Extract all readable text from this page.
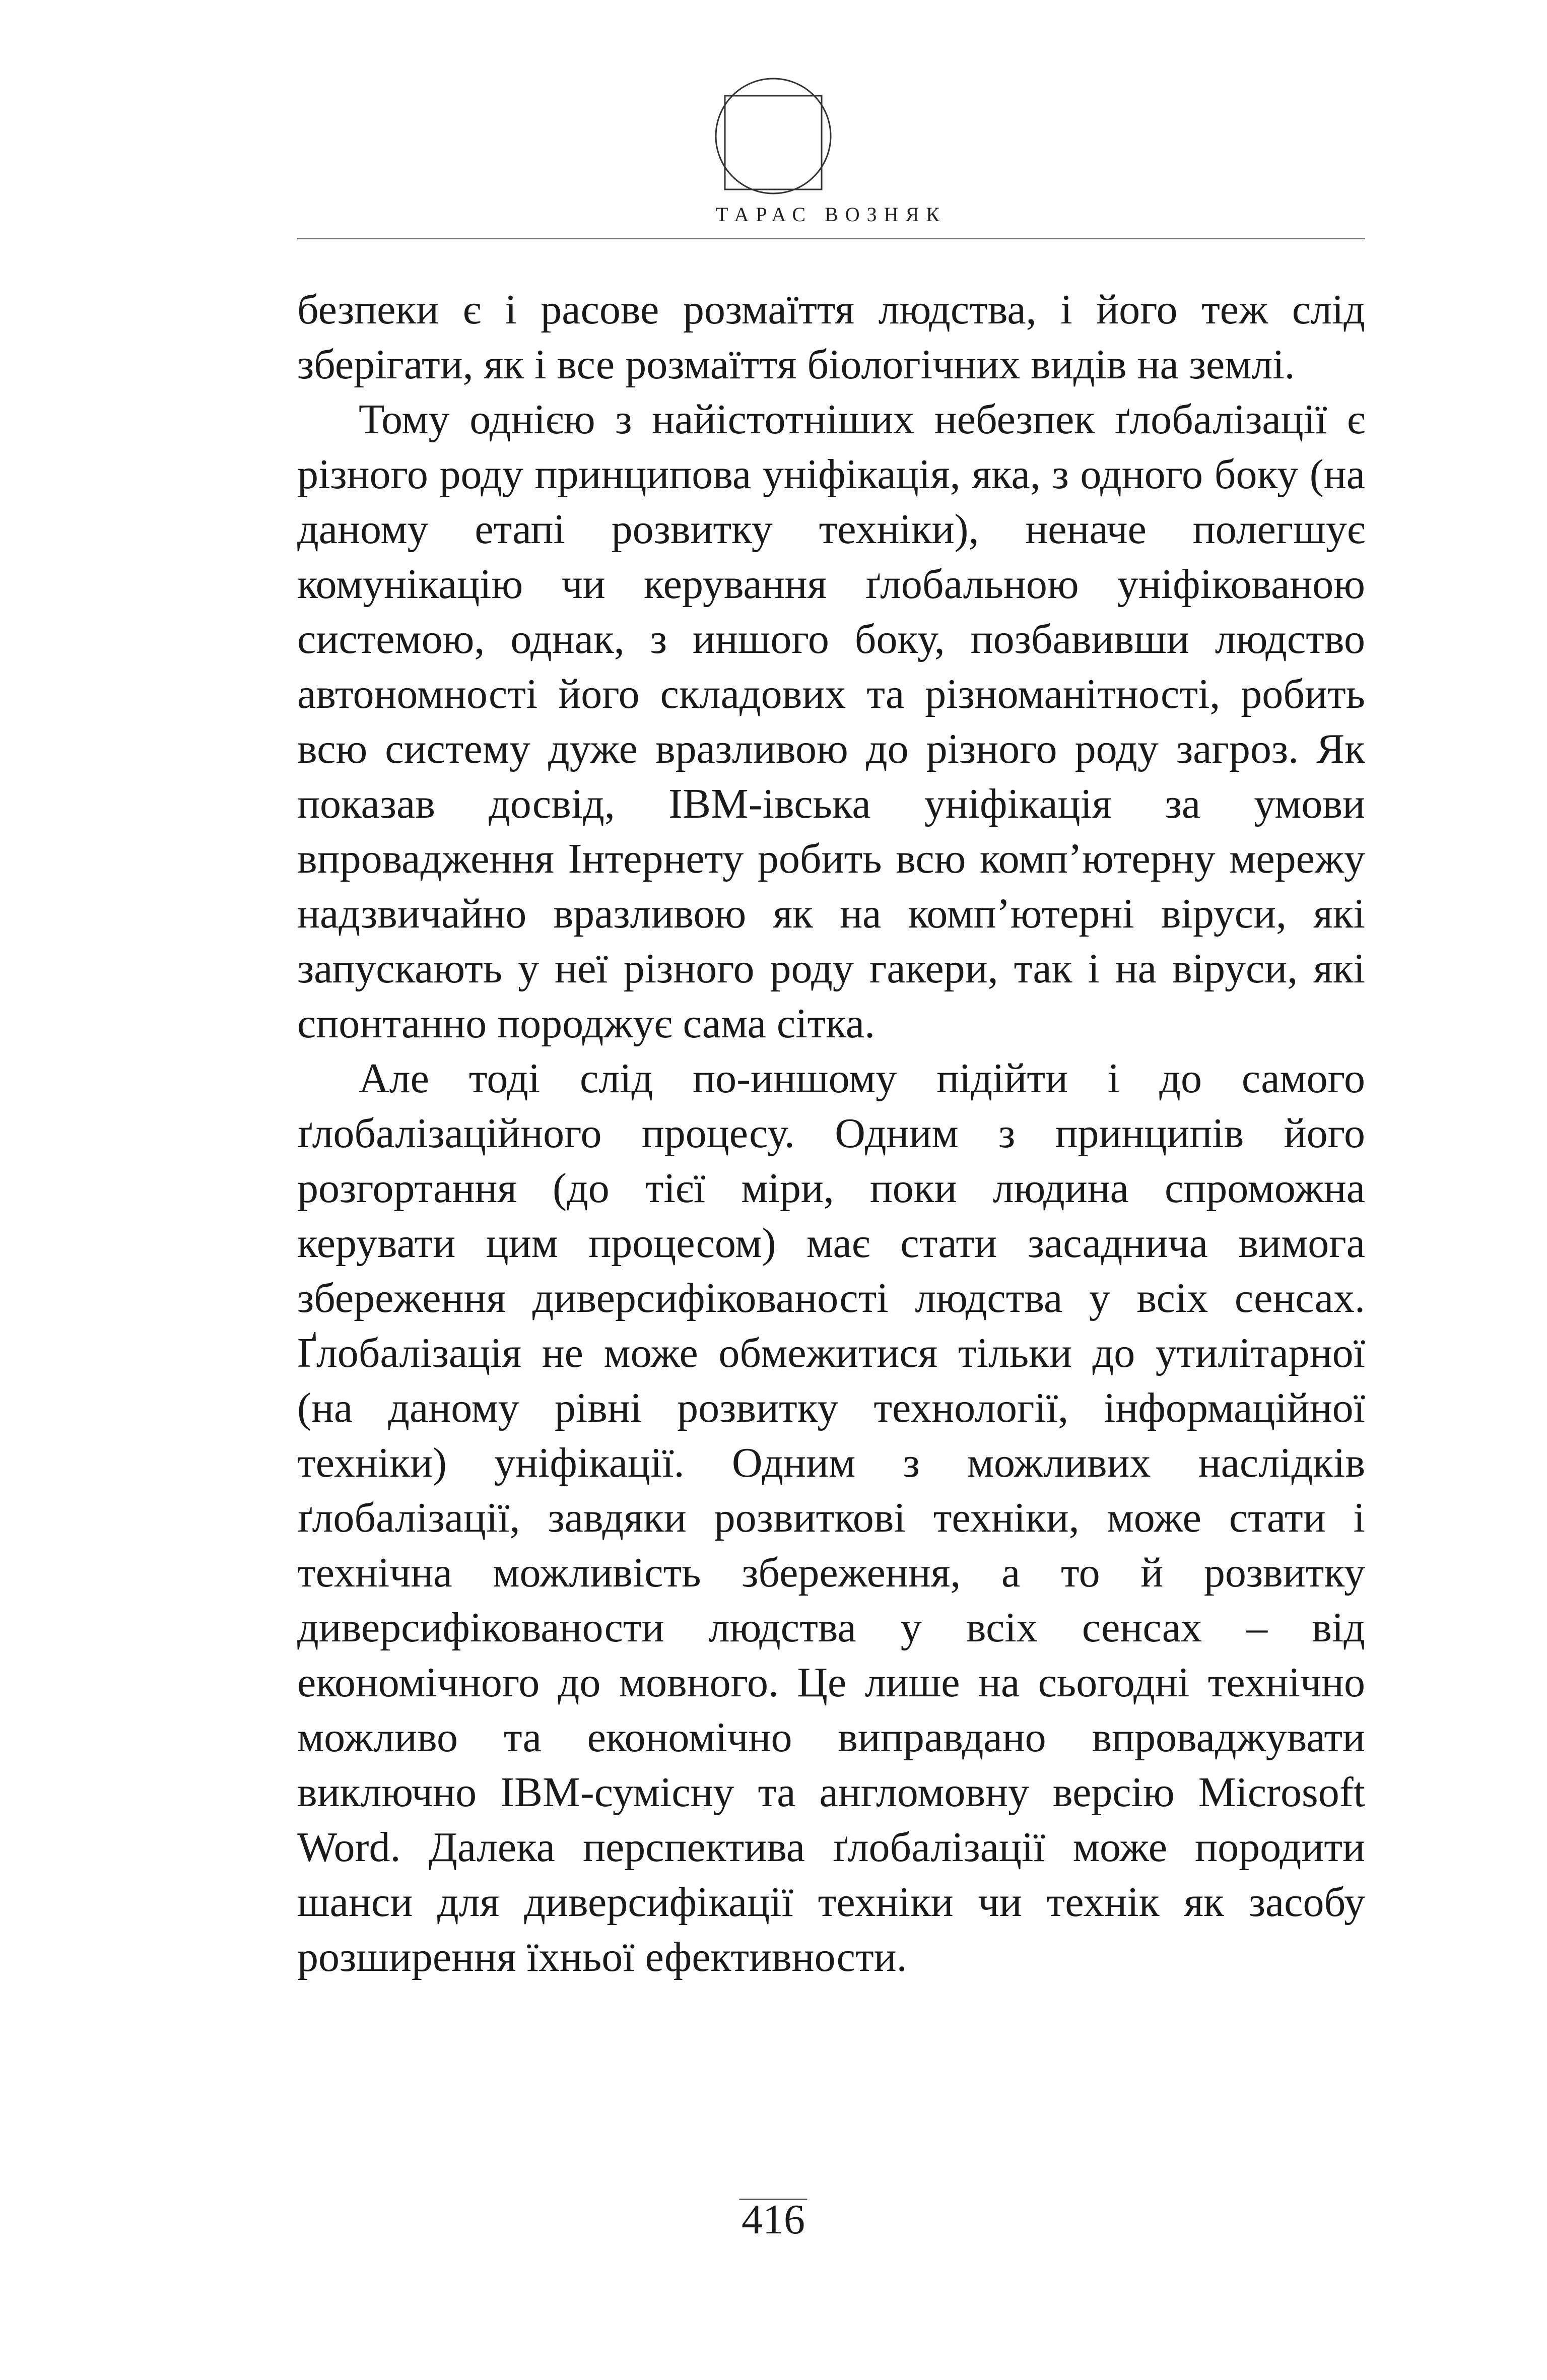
ТАРАС ВОЗНЯК

безпеки є і расове розмаїття людства, і його теж слід зберігати, як і все розмаїття біологічних видів на землі.

Тому однією з найістотніших небезпек ґлобалізації є різного роду принципова уніфікація, яка, з одного боку (на даному етапі розвитку техніки), неначе полегшує комунікацію чи керування ґлобальною уніфікованою системою, однак, з иншого боку, позбавивши людство автономності його складових та різноманітності, робить всю систему дуже вразливою до різного роду загроз. Як показав досвід, IBM-івська уніфікація за умови впровадження Інтернету робить всю комп’ютерну мережу надзвичайно вразливою як на комп’ютерні віруси, які запускають у неї різного роду гакери, так і на віруси, які спонтанно породжує сама сітка.

Але тоді слід по-иншому підійти і до самого ґлобалізаційного процесу. Одним з принципів його розгортання (до тієї міри, поки людина спроможна керувати цим процесом) має стати засаднича вимога збереження диверсифікованості людства у всіх сенсах. Ґлобалізація не може обмежитися тільки до утилітарної (на даному рівні розвитку технології, інформаційної техніки) уніфікації. Одним з можливих наслідків ґлобалізації, завдяки розвиткові техніки, може стати і технічна можливість збереження, а то й розвитку диверсифікованости людства у всіх сенсах – від економічного до мовного. Це лише на сьогодні технічно можливо та економічно виправдано впроваджувати виключно IBM-сумісну та англомовну версію Microsoft Word. Далека перспектива ґлобалізації може породити шанси для диверсифікації техніки чи технік як засобу розширення їхньої ефективности.

416
